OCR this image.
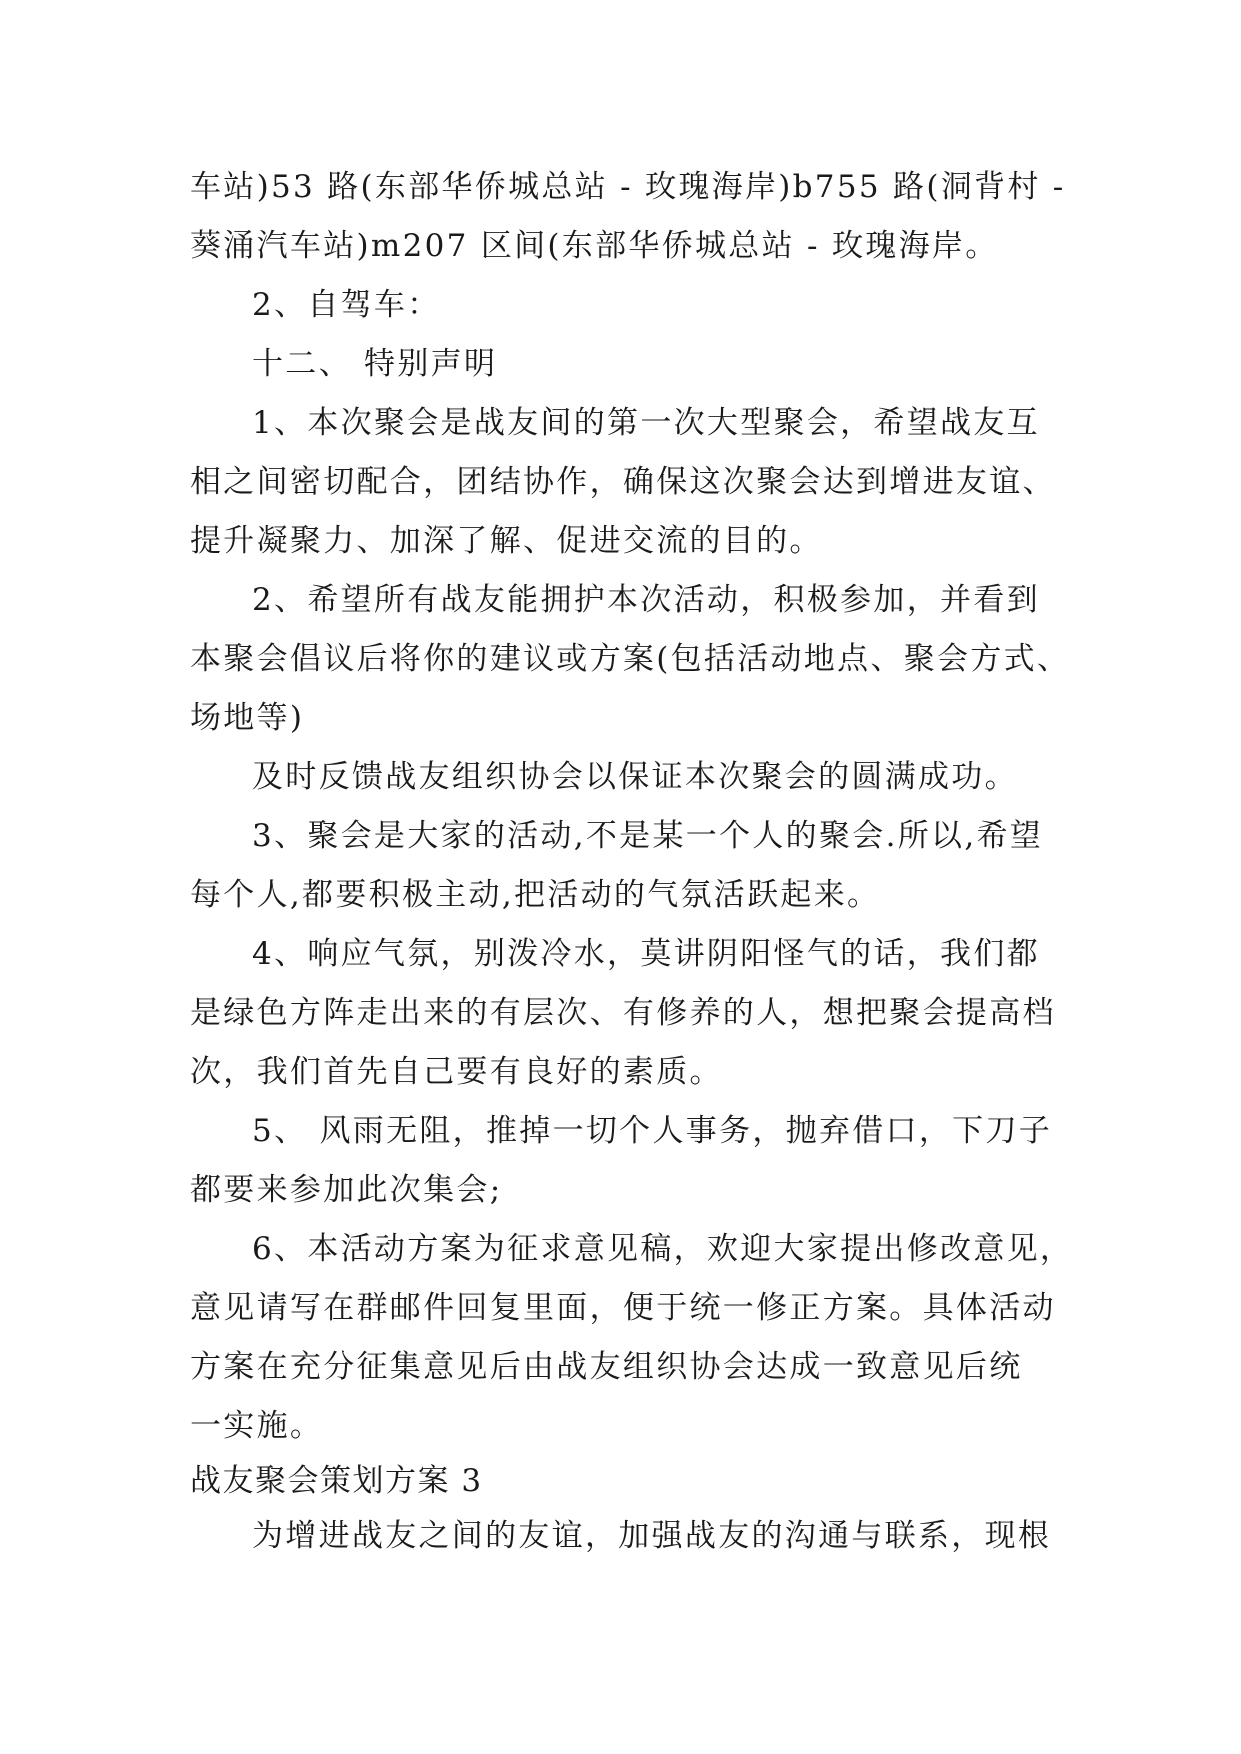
车站)53 路(东部华侨城总站 - 玫瑰海岸)b755 路(洞背村 -
葵涌汽车站)m207 区间(东部华侨城总站 - 玫瑰海岸。
2、自驾车：
十二、 特别声明
1、本次聚会是战友间的第一次大型聚会，希望战友互
相之间密切配合，团结协作，确保这次聚会达到增进友谊、
提升凝聚力、加深了解、促进交流的目的。
2、希望所有战友能拥护本次活动，积极参加，并看到
本聚会倡议后将你的建议或方案(包括活动地点、聚会方式、
场地等)
及时反馈战友组织协会以保证本次聚会的圆满成功。
3、聚会是大家的活动,不是某一个人的聚会.所以,希望
每个人,都要积极主动,把活动的气氛活跃起来。
4、响应气氛，别泼冷水，莫讲阴阳怪气的话，我们都
是绿色方阵走出来的有层次、有修养的人，想把聚会提高档
次，我们首先自己要有良好的素质。
5、 风雨无阻，推掉一切个人事务，抛弃借口，下刀子
都要来参加此次集会;
6、本活动方案为征求意见稿，欢迎大家提出修改意见，
意见请写在群邮件回复里面，便于统一修正方案。具体活动
方案在充分征集意见后由战友组织协会达成一致意见后统
一实施。
战友聚会策划方案 3
为增进战友之间的友谊，加强战友的沟通与联系，现根
